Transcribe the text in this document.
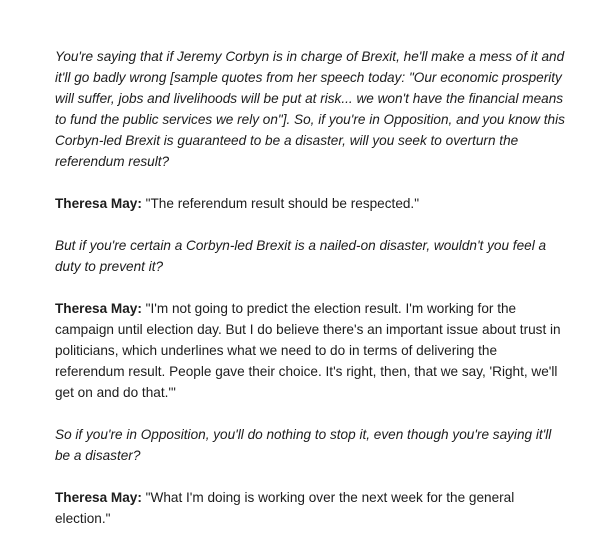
You're saying that if Jeremy Corbyn is in charge of Brexit, he'll make a mess of it and it'll go badly wrong [sample quotes from her speech today: "Our economic prosperity will suffer, jobs and livelihoods will be put at risk... we won't have the financial means to fund the public services we rely on"]. So, if you're in Opposition, and you know this Corbyn-led Brexit is guaranteed to be a disaster, will you seek to overturn the referendum result?

Theresa May: "The referendum result should be respected."

But if you're certain a Corbyn-led Brexit is a nailed-on disaster, wouldn't you feel a duty to prevent it?

Theresa May: "I'm not going to predict the election result. I'm working for the campaign until election day. But I do believe there's an important issue about trust in politicians, which underlines what we need to do in terms of delivering the referendum result. People gave their choice. It's right, then, that we say, 'Right, we'll get on and do that.'"

So if you're in Opposition, you'll do nothing to stop it, even though you're saying it'll be a disaster?

Theresa May: "What I'm doing is working over the next week for the general election."
